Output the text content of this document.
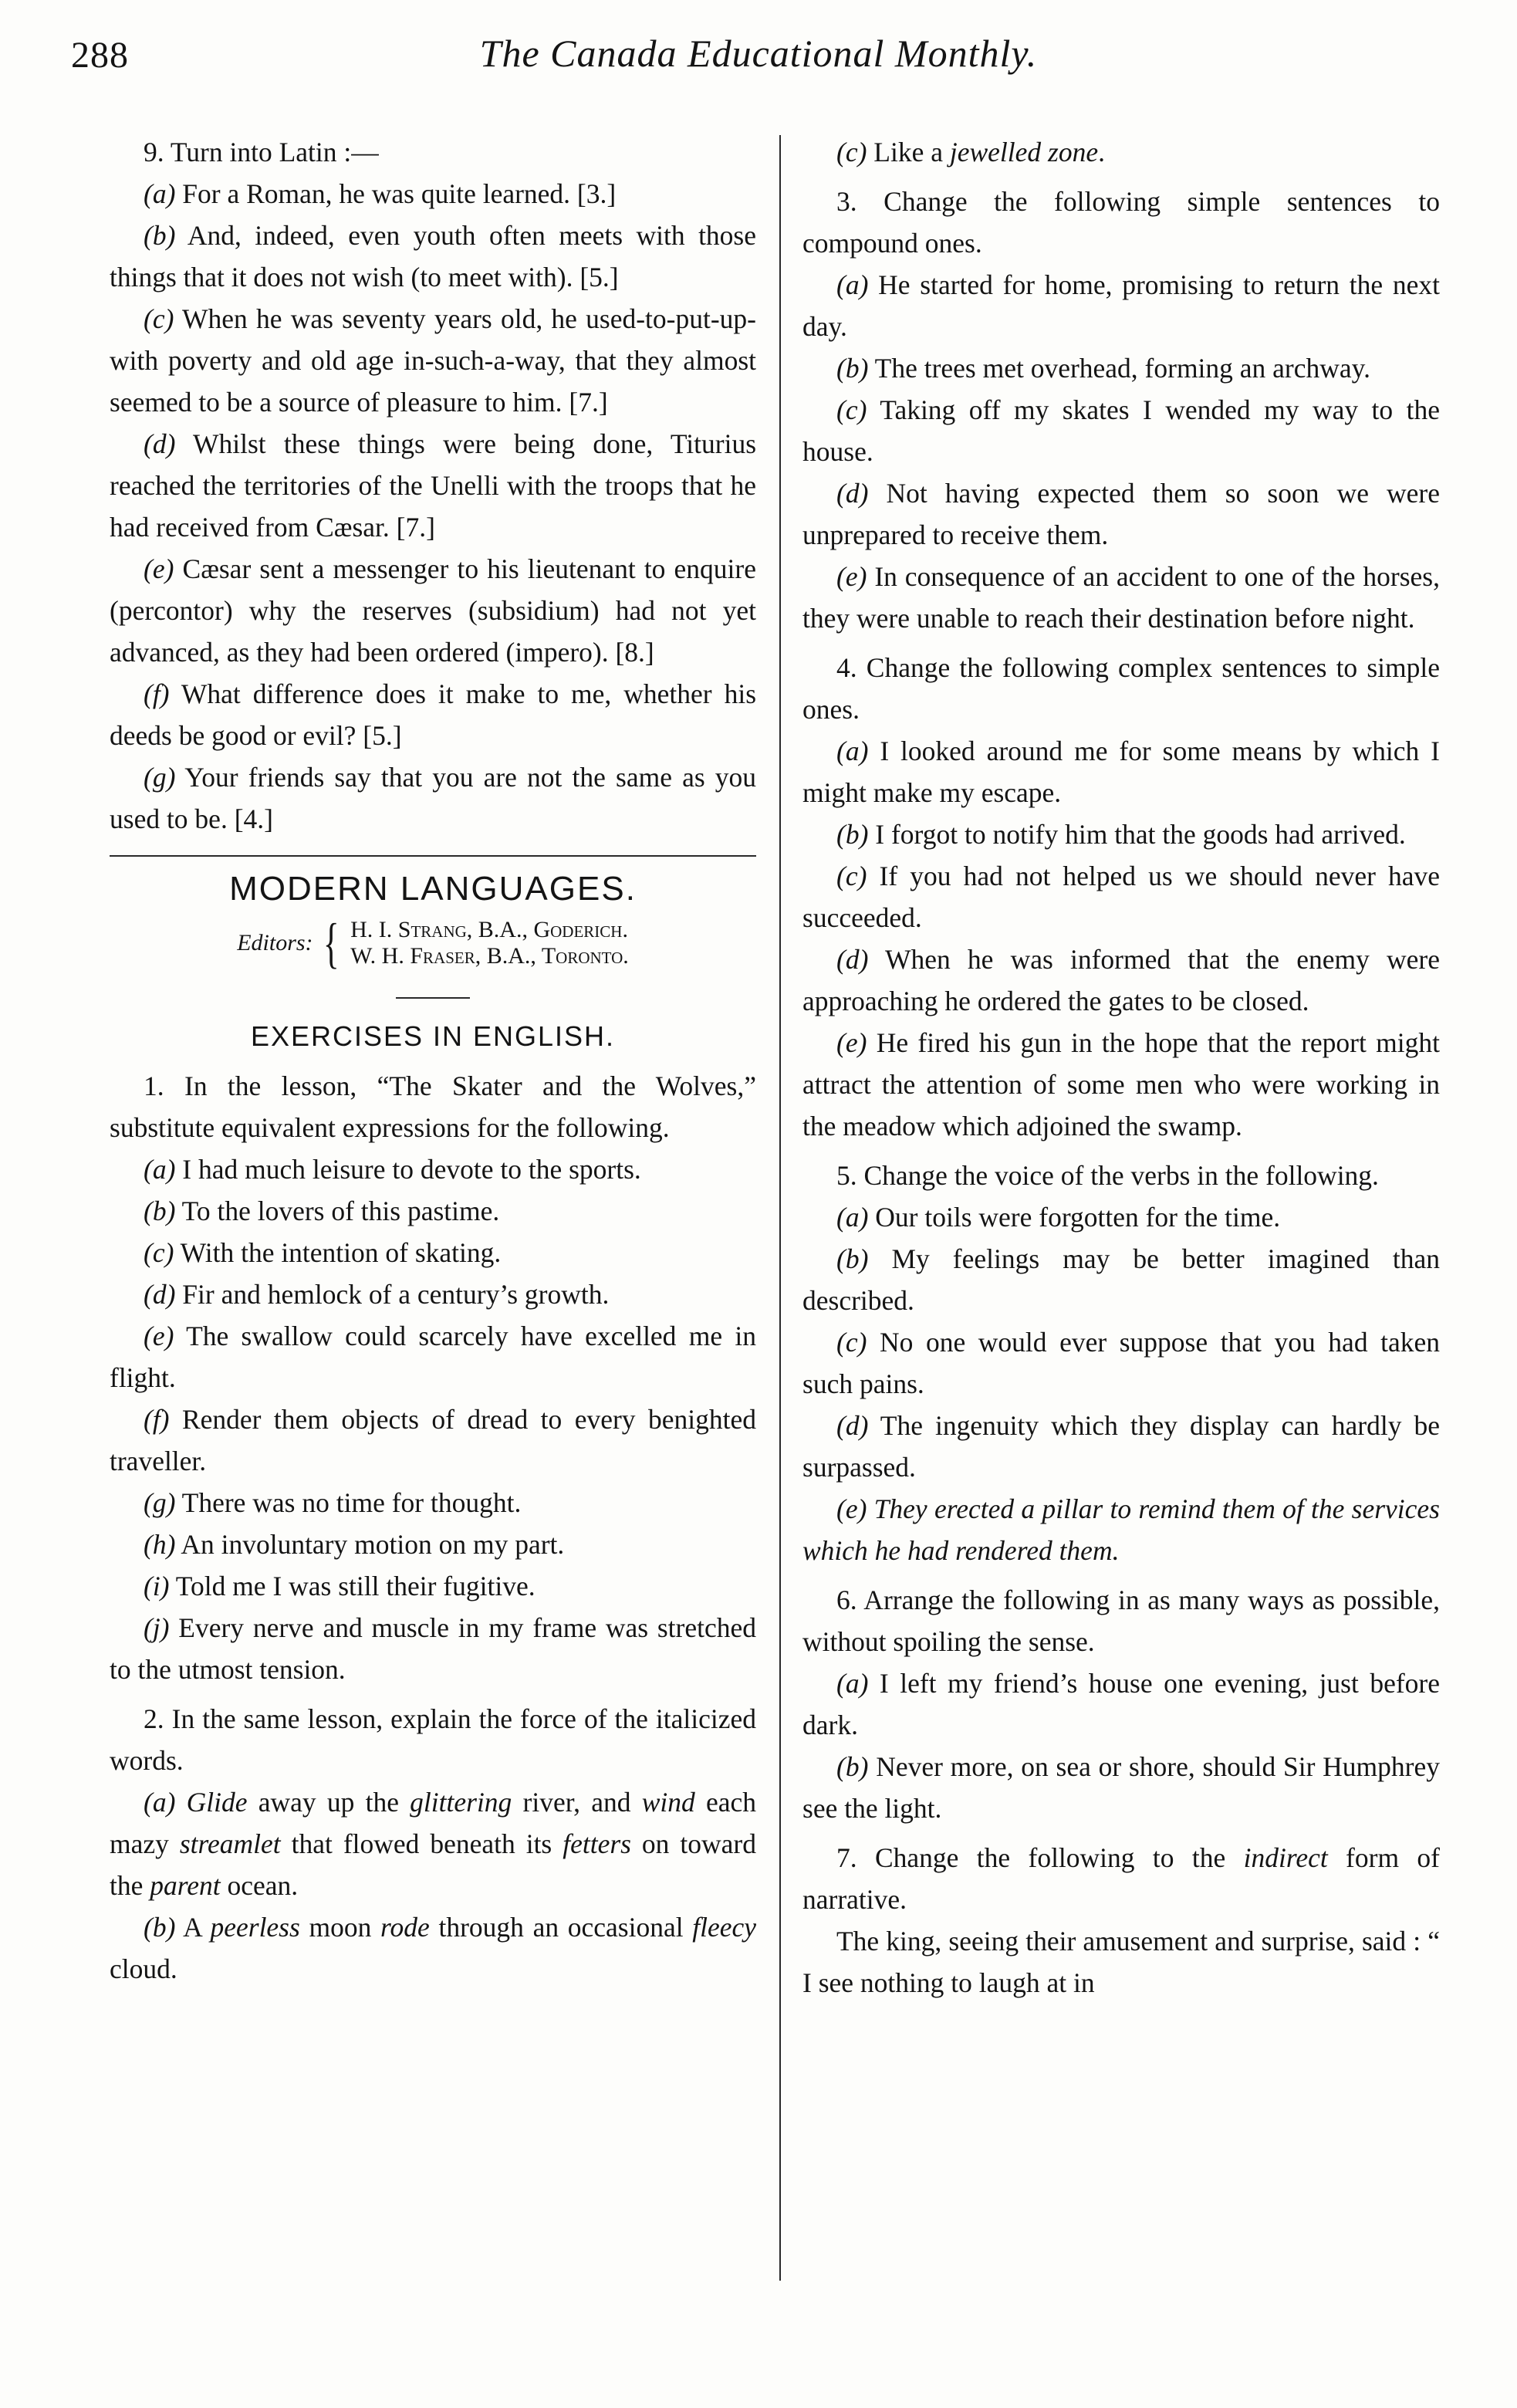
288	The Canada Educational Monthly.

9. Turn into Latin :—

(a) For a Roman, he was quite learned. [3.]

(b) And, indeed, even youth often meets with those things that it does not wish (to meet with). [5.]

(c) When he was seventy years old, he used-to-put-up-with poverty and old age in-such-a-way, that they almost seemed to be a source of pleasure to him. [7.]

(d) Whilst these things were being done, Titurius reached the territories of the Unelli with the troops that he had received from Cæsar. [7.]

(e) Cæsar sent a messenger to his lieutenant to enquire (percontor) why the reserves (subsidium) had not yet advanced, as they had been ordered (impero). [8.]

(f) What difference does it make to me, whether his deeds be good or evil? [5.]

(g) Your friends say that you are not the same as you used to be. [4.]

MODERN LANGUAGES.
Editors: { H. I. Strang, B.A., Goderich.
W. H. Fraser, B.A., Toronto.
EXERCISES IN ENGLISH.

1. In the lesson, “The Skater and the Wolves,” substitute equivalent expressions for the following.

(a) I had much leisure to devote to the sports.

(b) To the lovers of this pastime.

(c) With the intention of skating.

(d) Fir and hemlock of a century’s growth.

(e) The swallow could scarcely have excelled me in flight.

(f) Render them objects of dread to every benighted traveller.

(g) There was no time for thought.

(h) An involuntary motion on my part.

(i) Told me I was still their fugitive.

(j) Every nerve and muscle in my frame was stretched to the utmost tension.

2. In the same lesson, explain the force of the italicized words.

(a) Glide away up the glittering river, and wind each mazy streamlet that flowed beneath its fetters on toward the parent ocean.

(b) A peerless moon rode through an occasional fleecy cloud.

(c) Like a jewelled zone.

3. Change the following simple sentences to compound ones.

(a) He started for home, promising to return the next day.

(b) The trees met overhead, forming an archway.

(c) Taking off my skates I wended my way to the house.

(d) Not having expected them so soon we were unprepared to receive them.

(e) In consequence of an accident to one of the horses, they were unable to reach their destination before night.

4. Change the following complex sentences to simple ones.

(a) I looked around me for some means by which I might make my escape.

(b) I forgot to notify him that the goods had arrived.

(c) If you had not helped us we should never have succeeded.

(d) When he was informed that the enemy were approaching he ordered the gates to be closed.

(e) He fired his gun in the hope that the report might attract the attention of some men who were working in the meadow which adjoined the swamp.

5. Change the voice of the verbs in the following.

(a) Our toils were forgotten for the time.

(b) My feelings may be better imagined than described.

(c) No one would ever suppose that you had taken such pains.

(d) The ingenuity which they display can hardly be surpassed.

(e) They erected a pillar to remind them of the services which he had rendered them.

6. Arrange the following in as many ways as possible, without spoiling the sense.

(a) I left my friend’s house one evening, just before dark.

(b) Never more, on sea or shore, should Sir Humphrey see the light.

7. Change the following to the indirect form of narrative.

The king, seeing their amusement and surprise, said : “ I see nothing to laugh at in
